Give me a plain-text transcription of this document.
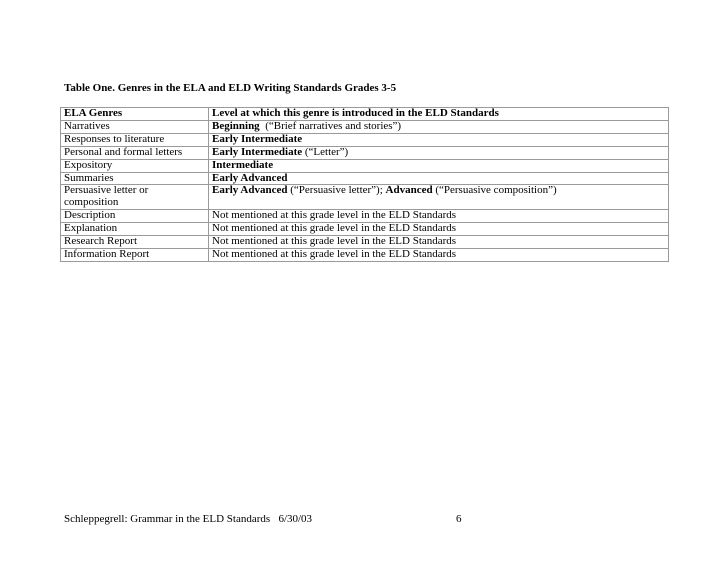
Table One. Genres in the ELA and ELD Writing Standards Grades 3-5
ELA Genres	Level at which this genre is introduced in the ELD Standards
Narratives	Beginning  (“Brief narratives and stories”)
Responses to literature	Early Intermediate
Personal and formal letters	Early Intermediate (“Letter”)
Expository	Intermediate
Summaries	Early Advanced
Persuasive letter or composition	Early Advanced (“Persuasive letter”); Advanced (“Persuasive composition”)
Description	Not mentioned at this grade level in the ELD Standards
Explanation	Not mentioned at this grade level in the ELD Standards
Research Report	Not mentioned at this grade level in the ELD Standards
Information Report	Not mentioned at this grade level in the ELD Standards
Schleppegrell: Grammar in the ELD Standards   6/30/03	6
